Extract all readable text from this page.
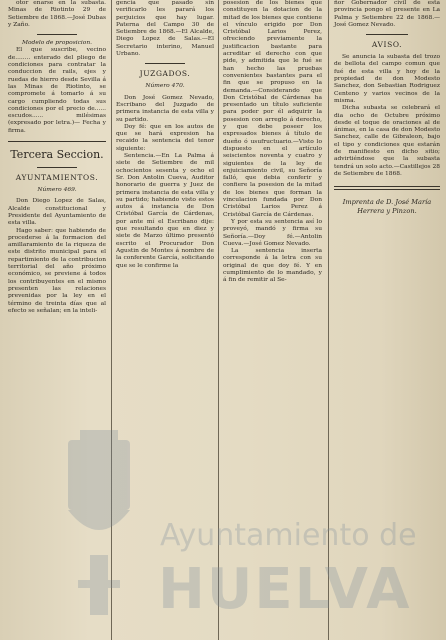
otor enarse en la subasta. Minas de Riotinto 29 de Setiembre de 1868.—José Dubas y Zaño.

Modelo de proposicion.

El que suscribe, vecino de........ enterado del pliego de condiciones para contratar la conduccion de rails, ejes y ruedas de hierro desde Sevilla á las Minas de Riotinto, se compromete á tomarlo á su cargo cumpliendo todas sus condiciones por el precio de...... escudos...... milésimas (expresado por letra.)— Fecha y firma.

Tercera Seccion.
AYUNTAMIENTOS.
Número 469.

Don Diego Lopez de Salas, Alcalde constitucional y Presidente del Ayuntamiento de esta villa.

Hago saber: que habiendo de procederse á la formacion del amillaramiento de la riqueza de este distrito municipal para el repartimiento de la contribucion territorial del año próximo económico, se previene á todos los contribuyentes en el mismo presenten las relaciones prevenidas por la ley en el término de treinta días que al efecto se señalan; en la inteli-

gencia que pasado sin verificarlo les parará los perjuicios que hay lugar. Paterna del Campo 30 de Setiembre de 1868.—El Alcalde, Diego Lopez de Salas.—El Secretario interino, Manuel Urbano.

JUZGADOS.
Número 470.

Don José Gomez Nevado, Escribano del Juzgado de primera instancia de esta villa y su partido.

Doy fé: que en los autos de que se hará expresion ha recaido la sentencia del tenor siguiente:

Sentencia.—En La Palma á siete de Setiembre de mil ochocientos sesenta y ocho el Sr. Don Antolin Cueva, Auditor honorario de guerra y Juez de primera instancia de esta villa y su partido; habiendo visto estos autos á instancia de Don Cristóbal García de Cárdenas, por ante mí el Escribano dije: que resultando que en diez y siete de Marzo último presentó escrito el Procurador Don Agustin de Montes á nombre de la conferente García, solicitando que se le confirme la

posesion de los bienes que constituyen la dotacion de la mitad de los bienes que contiene el vínculo erigido por Don Cristóbal Larios Perez, ofreciendo previamente la justificacion bastante para acreditar el derecho con que pide, y admitida que le fué se han hecho las pruebas convenientes bastantes para el fin que se propuso en la demanda.—Considerando que Don Cristóbal de Cárdenas ha presentado un título suficiente para poder por él adquirir la posesion con arreglo á derecho, y que debe poseer los expresados bienes á título de dueño ó usufructuario.—Visto lo dispuesto en el artículo seiscientos noventa y cuatro y siguientes de la ley de enjuiciamiento civil, su Señoría falló, que debia conferir y confiere la posesion de la mitad de los bienes que forman la vinculacion fundada por Don Cristóbal Larios Perez á Cristóbal García de Cárdenas.

Y por esta su sentencia así lo proveyó, mandó y firma su Señoría.—Doy fé.—Antolin Cueva.—José Gomez Nevado.

La sentencia inserta corresponde á la letra con su original de que doy fé. Y en cumplimiento de lo mandado, y á fin de remitir al Se-

ñor Gobernador civil de esta provincia pongo el presente en La Palma y Setiembre 22 de 1868.—José Gomez Nevado.

AVISO.

Se anuncia la subasta del trozo de bellota del campo comun que fué de esta villa y hoy de la propiedad de don Modesto Sanchez, don Sebastian Rodriguez Centeno y varios vecinos de la misma.

Dicha subasta se celebrará el dia ocho de Octubre próximo desde el toque de oraciones al de ánimas, en la casa de don Modesto Sanchez, calle de Gibraleon, bajo el tipo y condiciones que estarán de manifiesto en dicho sitio; advirtiéndose que la subasta tendrá un solo acto.—Castillejos 28 de Setiembre de 1868.

Imprenta de D. José María Herrera y Pinzon.

Ayuntamiento de
HUELVA
